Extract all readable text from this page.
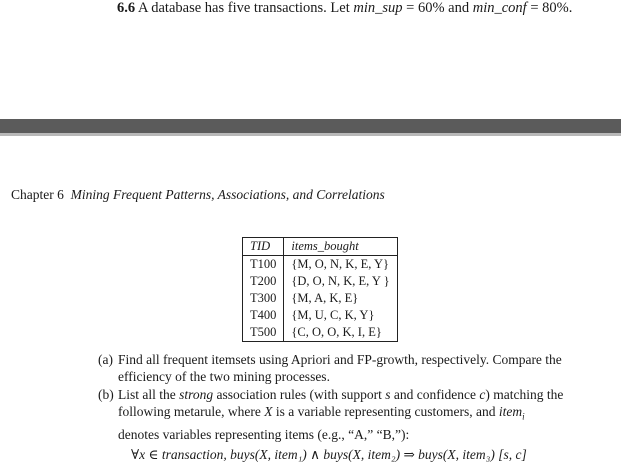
6.6 A database has five transactions. Let min_sup = 60% and min_conf = 80%.
Chapter 6 Mining Frequent Patterns, Associations, and Correlations
TID	items_bought
T100	{M, O, N, K, E, Y}
T200	{D, O, N, K, E, Y }
T300	{M, A, K, E}
T400	{M, U, C, K, Y}
T500	{C, O, O, K, I, E}
(a) Find all frequent itemsets using Apriori and FP-growth, respectively. Compare the efficiency of the two mining processes.
(b) List all the strong association rules (with support s and confidence c) matching the following metarule, where X is a variable representing customers, and item$_i$ denotes variables representing items (e.g., “A,” “B,”):
∀x ∈ transaction, buys(X, item₁) ∧ buys(X, item₂) ⇒ buys(X, item₃) [s, c]
